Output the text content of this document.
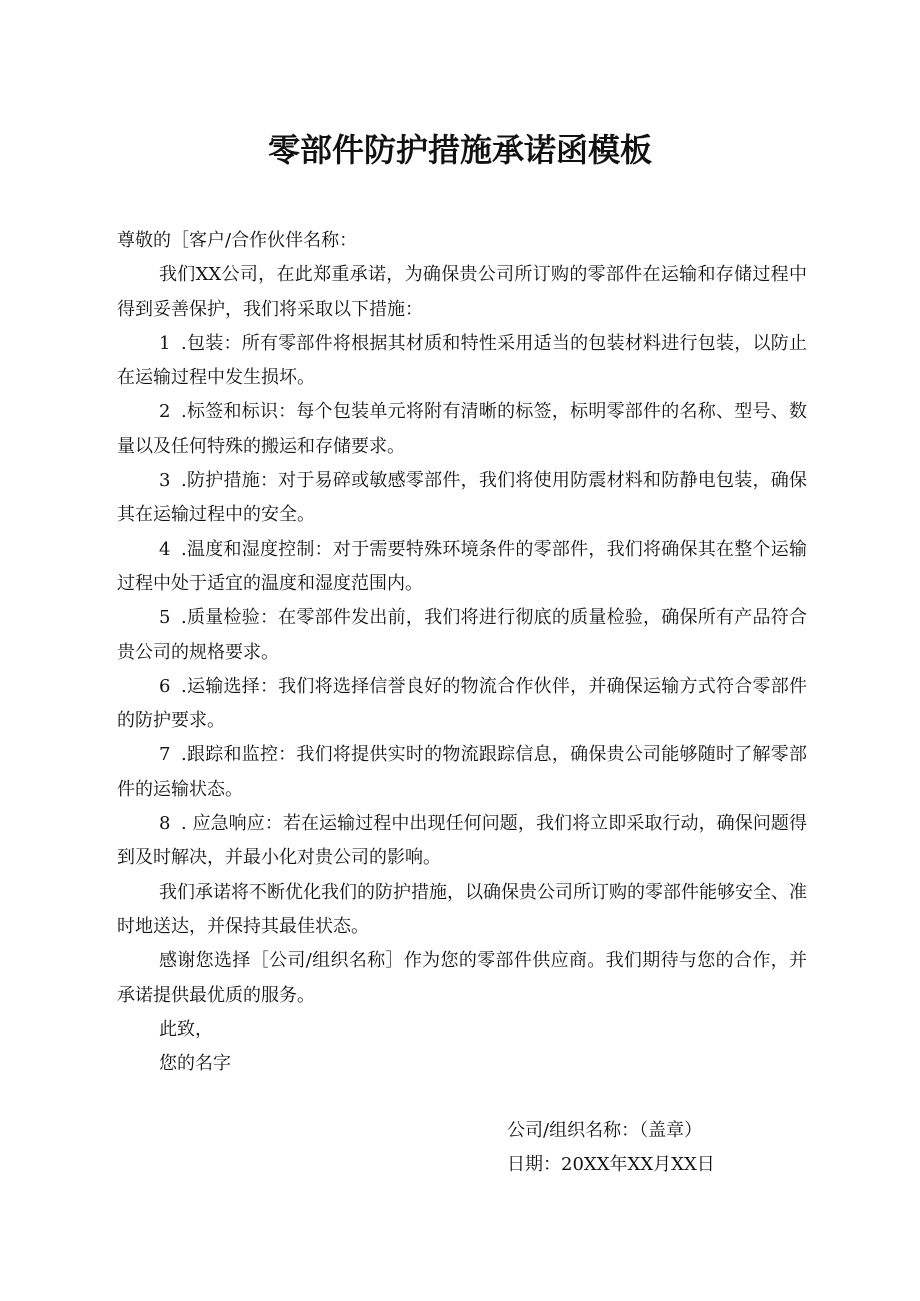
零部件防护措施承诺函模板

尊敬的［客户/合作伙伴名称：

我们XX公司，在此郑重承诺，为确保贵公司所订购的零部件在运输和存储过程中得到妥善保护，我们将采取以下措施：

1 .包装：所有零部件将根据其材质和特性采用适当的包装材料进行包装，以防止在运输过程中发生损坏。

2 .标签和标识：每个包装单元将附有清晰的标签，标明零部件的名称、型号、数量以及任何特殊的搬运和存储要求。

3 .防护措施：对于易碎或敏感零部件，我们将使用防震材料和防静电包装，确保其在运输过程中的安全。

4 .温度和湿度控制：对于需要特殊环境条件的零部件，我们将确保其在整个运输过程中处于适宜的温度和湿度范围内。

5 .质量检验：在零部件发出前，我们将进行彻底的质量检验，确保所有产品符合贵公司的规格要求。

6 .运输选择：我们将选择信誉良好的物流合作伙伴，并确保运输方式符合零部件的防护要求。

7 .跟踪和监控：我们将提供实时的物流跟踪信息，确保贵公司能够随时了解零部件的运输状态。

8 . 应急响应：若在运输过程中出现任何问题，我们将立即采取行动，确保问题得到及时解决，并最小化对贵公司的影响。

我们承诺将不断优化我们的防护措施，以确保贵公司所订购的零部件能够安全、准时地送达，并保持其最佳状态。

感谢您选择［公司/组织名称］作为您的零部件供应商。我们期待与您的合作，并承诺提供最优质的服务。

此致，

您的名字

公司/组织名称：（盖章）

日期：20XX年XX月XX日
